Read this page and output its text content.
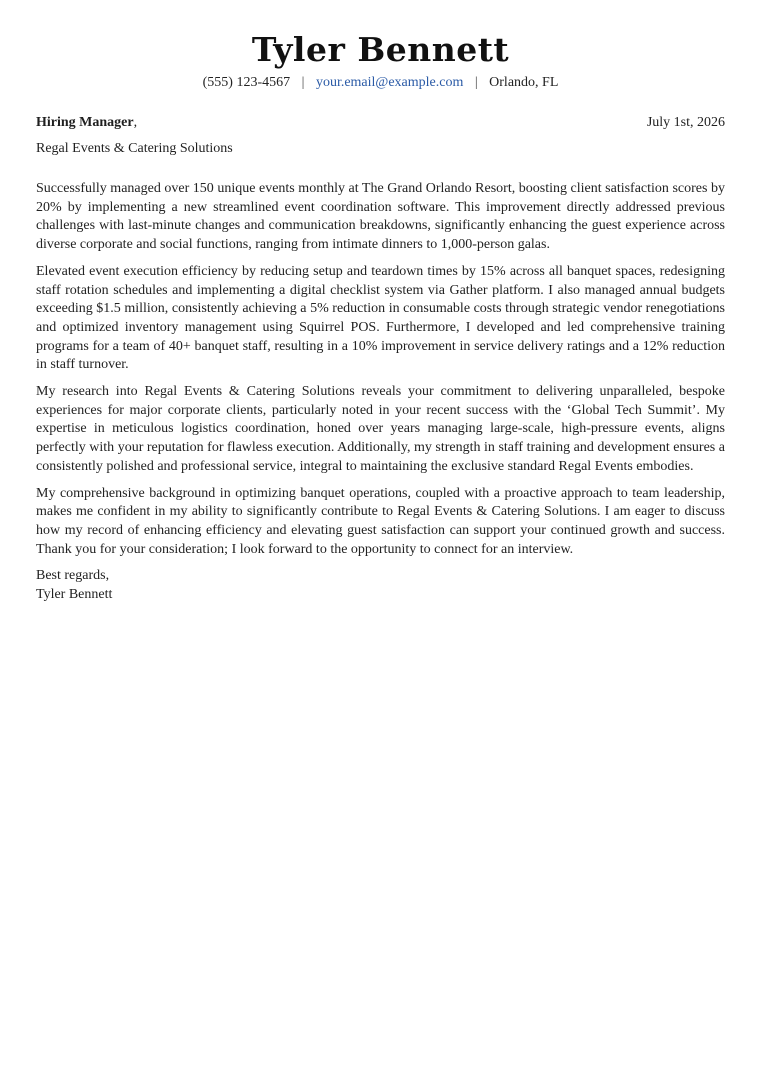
Tyler Bennett
(555) 123-4567 | your.email@example.com | Orlando, FL
Hiring Manager,	July 1st, 2026
Regal Events & Catering Solutions

Successfully managed over 150 unique events monthly at The Grand Orlando Resort, boosting client satisfaction scores by 20% by implementing a new streamlined event coordination software. This improvement directly addressed previous challenges with last-minute changes and communication breakdowns, significantly enhancing the guest experience across diverse corporate and social functions, ranging from intimate dinners to 1,000-person galas.

Elevated event execution efficiency by reducing setup and teardown times by 15% across all banquet spaces, redesigning staff rotation schedules and implementing a digital checklist system via Gather platform. I also managed annual budgets exceeding $1.5 million, consistently achieving a 5% reduction in consumable costs through strategic vendor renegotiations and optimized inventory management using Squirrel POS. Furthermore, I developed and led comprehensive training programs for a team of 40+ banquet staff, resulting in a 10% improvement in service delivery ratings and a 12% reduction in staff turnover.

My research into Regal Events & Catering Solutions reveals your commitment to delivering unparalleled, bespoke experiences for major corporate clients, particularly noted in your recent success with the ‘Global Tech Summit’. My expertise in meticulous logistics coordination, honed over years managing large-scale, high-pressure events, aligns perfectly with your reputation for flawless execution. Additionally, my strength in staff training and development ensures a consistently polished and professional service, integral to maintaining the exclusive standard Regal Events embodies.

My comprehensive background in optimizing banquet operations, coupled with a proactive approach to team leadership, makes me confident in my ability to significantly contribute to Regal Events & Catering Solutions. I am eager to discuss how my record of enhancing efficiency and elevating guest satisfaction can support your continued growth and success. Thank you for your consideration; I look forward to the opportunity to connect for an interview.

Best regards,
Tyler Bennett
